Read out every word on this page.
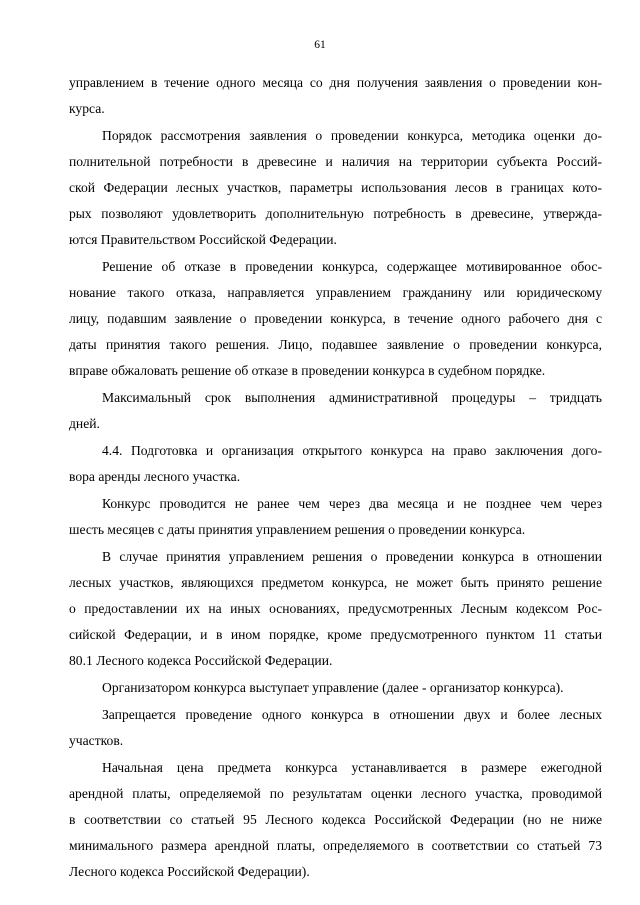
61
управлением в течение одного месяца со дня получения заявления о проведении кон-
курса.
Порядок рассмотрения заявления о проведении конкурса, методика оценки до-
полнительной потребности в древесине и наличия на территории субъекта Россий-
ской Федерации лесных участков, параметры использования лесов в границах кото-
рых позволяют удовлетворить дополнительную потребность в древесине, утвержда-
ются Правительством Российской Федерации.
Решение об отказе в проведении конкурса, содержащее мотивированное обос-
нование такого отказа, направляется управлением гражданину или юридическому
лицу, подавшим заявление о проведении конкурса, в течение одного рабочего дня с
даты принятия такого решения. Лицо, подавшее заявление о проведении конкурса,
вправе обжаловать решение об отказе в проведении конкурса в судебном порядке.
Максимальный срок выполнения административной процедуры – тридцать
дней.
4.4. Подготовка и организация открытого конкурса на право заключения дого-
вора аренды лесного участка.
Конкурс проводится не ранее чем через два месяца и не позднее чем через
шесть месяцев с даты принятия управлением решения о проведении конкурса.
В случае принятия управлением решения о проведении конкурса в отношении
лесных участков, являющихся предметом конкурса, не может быть принято решение
о предоставлении их на иных основаниях, предусмотренных Лесным кодексом Рос-
сийской Федерации, и в ином порядке, кроме предусмотренного пунктом 11 статьи
80.1 Лесного кодекса Российской Федерации.
Организатором конкурса выступает управление (далее - организатор конкурса).
Запрещается проведение одного конкурса в отношении двух и более лесных
участков.
Начальная цена предмета конкурса устанавливается в размере ежегодной
арендной платы, определяемой по результатам оценки лесного участка, проводимой
в соответствии со статьей 95 Лесного кодекса Российской Федерации (но не ниже
минимального размера арендной платы, определяемого в соответствии со статьей 73
Лесного кодекса Российской Федерации).
